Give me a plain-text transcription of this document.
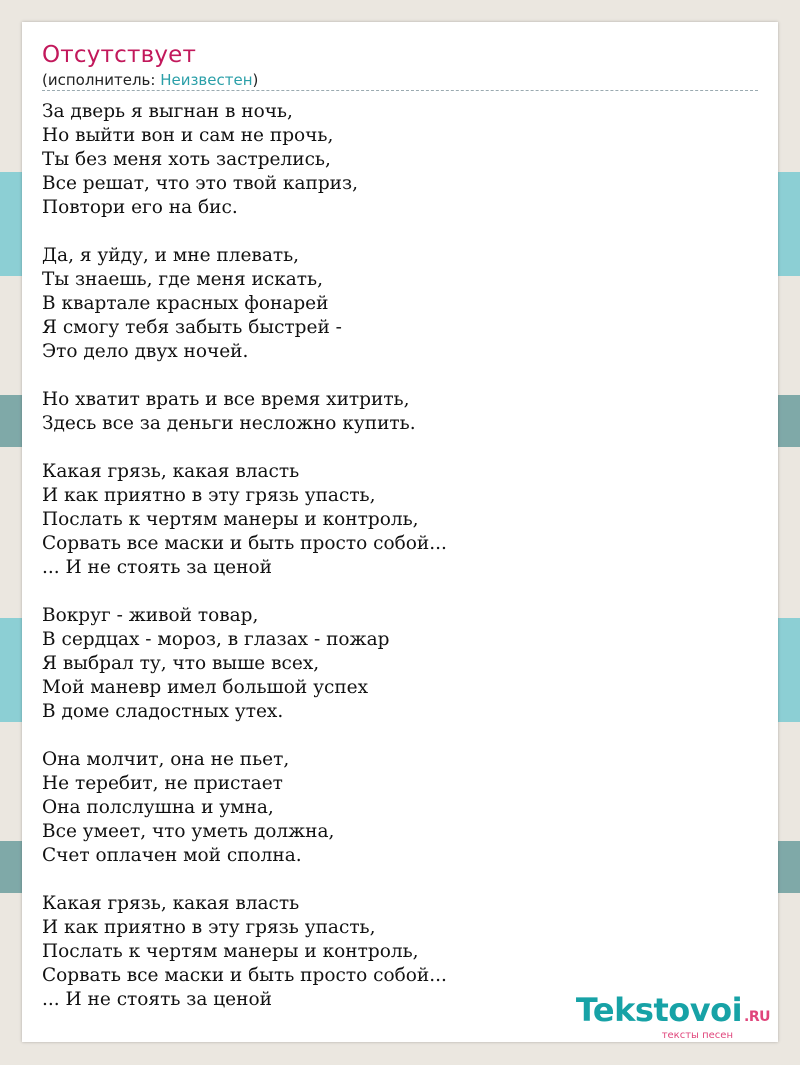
Отсутствует
(исполнитель: Неизвестен)
За дверь я выгнан в ночь,
Но выйти вон и сам не прочь,
Ты без меня хоть застрелись,
Все решат, что это твой каприз,
Повтори его на бис.
Да, я уйду, и мне плевать,
Ты знаешь, где меня искать,
В квартале красных фонарей
Я смогу тебя забыть быстрей -
Это дело двух ночей.
Но хватит врать и все время хитрить,
Здесь все за деньги несложно купить.
Какая грязь, какая власть
И как приятно в эту грязь упасть,
Послать к чертям манеры и контроль,
Сорвать все маски и быть просто собой...
... И не стоять за ценой
Вокруг - живой товар,
В сердцах - мороз, в глазах - пожар
Я выбрал ту, что выше всех,
Мой маневр имел большой успех
В доме сладостных утех.
Она молчит, она не пьет,
Не теребит, не пристает
Она полслушна и умна,
Все умеет, что уметь должна,
Счет оплачен мой сполна.
Какая грязь, какая власть
И как приятно в эту грязь упасть,
Послать к чертям манеры и контроль,
Сорвать все маски и быть просто собой...
... И не стоять за ценой	Tekstovoi .RU
тексты песен
